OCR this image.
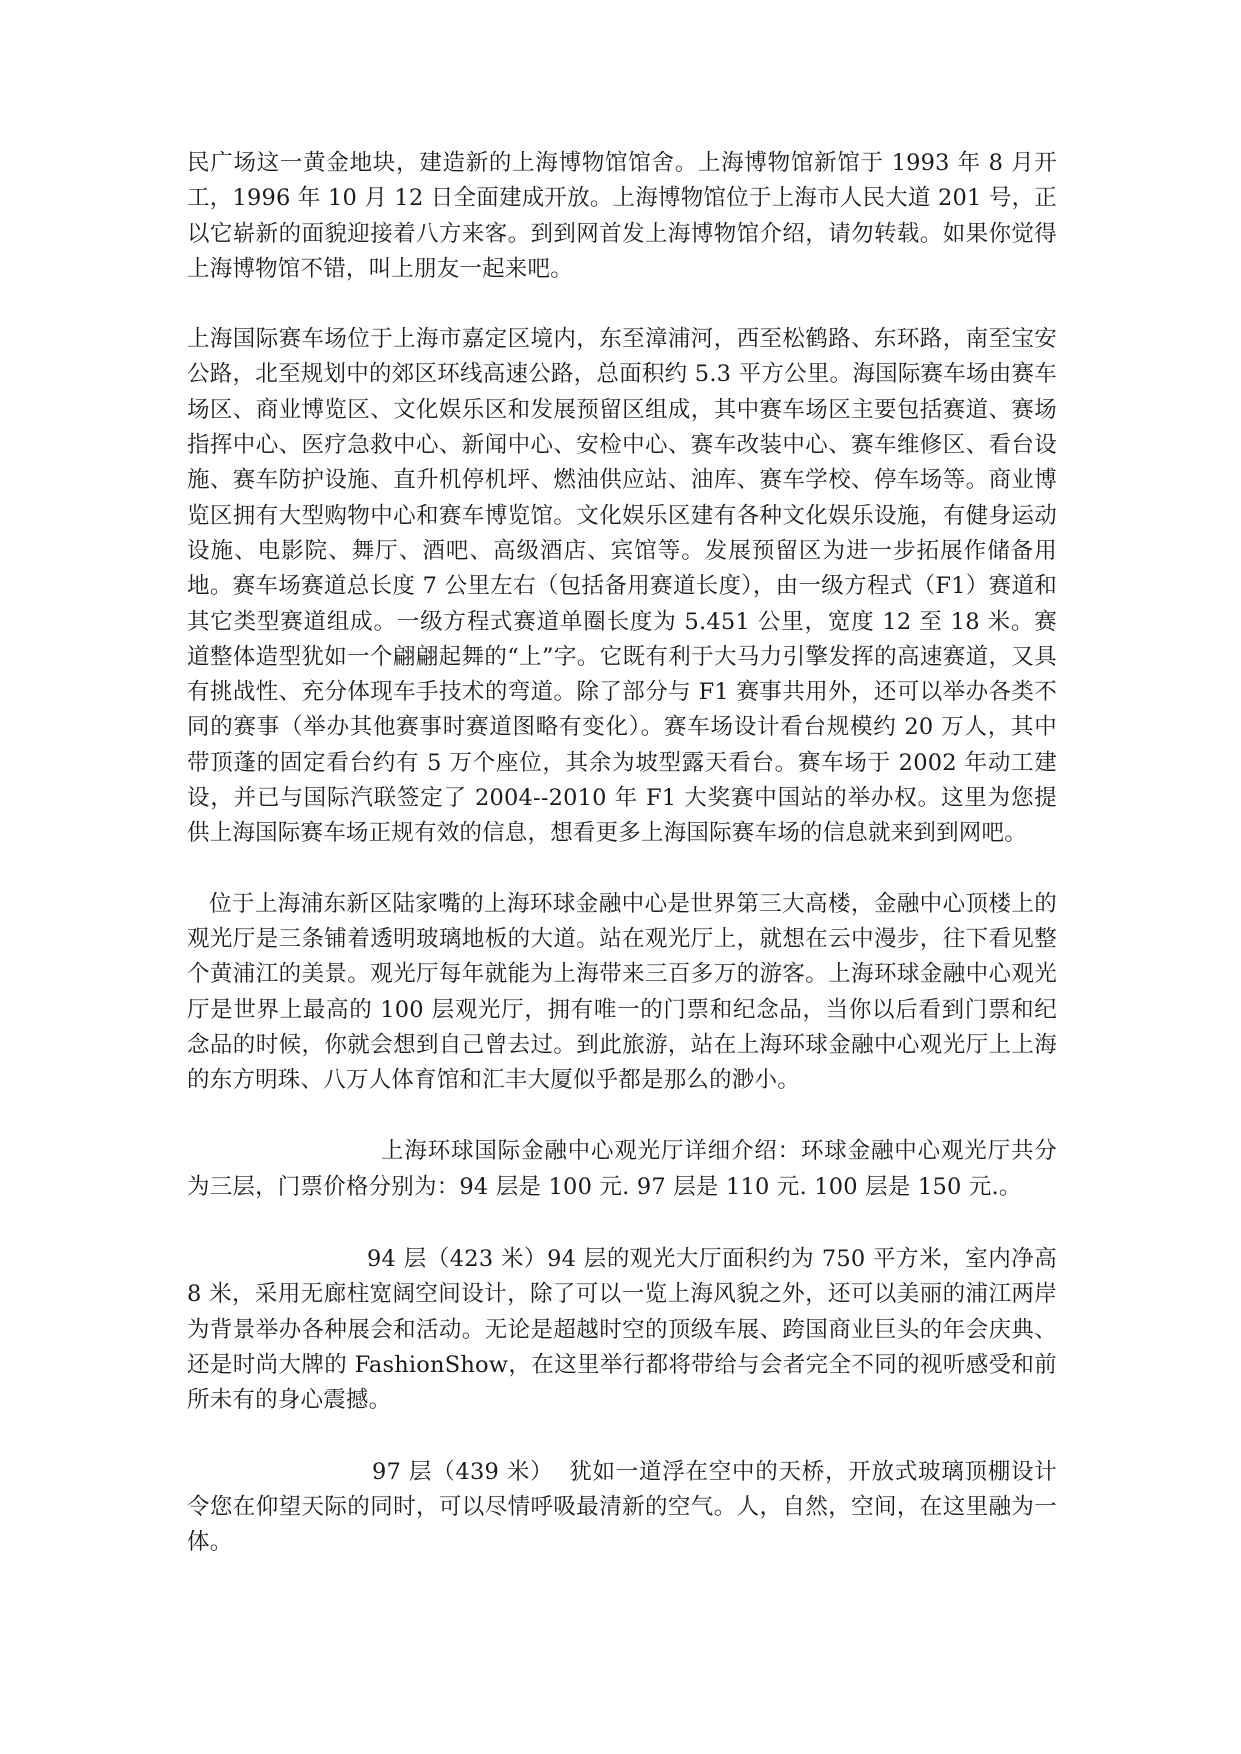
民广场这一黄金地块，建造新的上海博物馆馆舍。上海博物馆新馆于 1993 年 8 月开工，1996 年 10 月 12 日全面建成开放。上海博物馆位于上海市人民大道 201 号，正以它崭新的面貌迎接着八方来客。到到网首发上海博物馆介绍，请勿转载。如果你觉得上海博物馆不错，叫上朋友一起来吧。

上海国际赛车场位于上海市嘉定区境内，东至漳浦河，西至松鹤路、东环路，南至宝安公路，北至规划中的郊区环线高速公路，总面积约 5.3 平方公里。海国际赛车场由赛车场区、商业博览区、文化娱乐区和发展预留区组成，其中赛车场区主要包括赛道、赛场指挥中心、医疗急救中心、新闻中心、安检中心、赛车改装中心、赛车维修区、看台设施、赛车防护设施、直升机停机坪、燃油供应站、油库、赛车学校、停车场等。商业博览区拥有大型购物中心和赛车博览馆。文化娱乐区建有各种文化娱乐设施，有健身运动设施、电影院、舞厅、酒吧、高级酒店、宾馆等。发展预留区为进一步拓展作储备用地。赛车场赛道总长度 7 公里左右（包括备用赛道长度），由一级方程式（F1）赛道和其它类型赛道组成。一级方程式赛道单圈长度为 5.451 公里，宽度 12 至 18 米。赛道整体造型犹如一个翩翩起舞的“上”字。它既有利于大马力引擎发挥的高速赛道，又具有挑战性、充分体现车手技术的弯道。除了部分与 F1 赛事共用外，还可以举办各类不同的赛事（举办其他赛事时赛道图略有变化）。赛车场设计看台规模约 20 万人，其中带顶蓬的固定看台约有 5 万个座位，其余为坡型露天看台。赛车场于 2002 年动工建设，并已与国际汽联签定了 2004--2010 年 F1 大奖赛中国站的举办权。这里为您提供上海国际赛车场正规有效的信息，想看更多上海国际赛车场的信息就来到到网吧。

位于上海浦东新区陆家嘴的上海环球金融中心是世界第三大高楼，金融中心顶楼上的观光厅是三条铺着透明玻璃地板的大道。站在观光厅上，就想在云中漫步，往下看见整个黄浦江的美景。观光厅每年就能为上海带来三百多万的游客。上海环球金融中心观光厅是世界上最高的 100 层观光厅，拥有唯一的门票和纪念品，当你以后看到门票和纪念品的时候，你就会想到自己曾去过。到此旅游，站在上海环球金融中心观光厅上上海的东方明珠、八万人体育馆和汇丰大厦似乎都是那么的渺小。

上海环球国际金融中心观光厅详细介绍：环球金融中心观光厅共分为三层，门票价格分别为：94 层是 100 元. 97 层是 110 元. 100 层是 150 元.。

94 层（423 米）94 层的观光大厅面积约为 750 平方米，室内净高 8 米，采用无廊柱宽阔空间设计，除了可以一览上海风貌之外，还可以美丽的浦江两岸为背景举办各种展会和活动。无论是超越时空的顶级车展、跨国商业巨头的年会庆典、还是时尚大牌的 FashionShow，在这里举行都将带给与会者完全不同的视听感受和前所未有的身心震撼。

97 层（439 米）  犹如一道浮在空中的天桥，开放式玻璃顶棚设计令您在仰望天际的同时，可以尽情呼吸最清新的空气。人，自然，空间，在这里融为一体。
